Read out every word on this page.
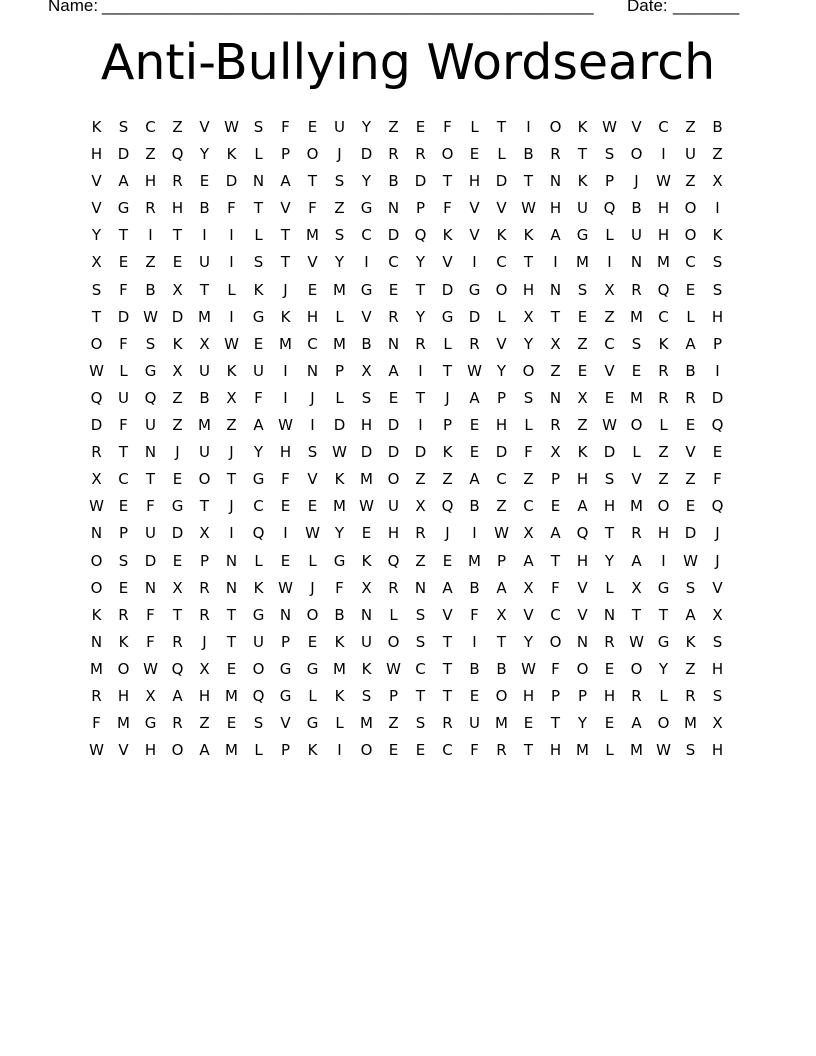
Name: ____________________________________________________ Date: _______
Anti-Bullying Wordsearch
K	S	C	Z	V W S	F	E	U	Y	Z	E	F	L	T	I	O	K W V	C	Z	B
H	D	Z	Q	Y	K	L	P	O	J	D	R	R	O	E	L	B	R	T	S	O	I	U	Z
V	A	H	R	E	D	N	A	T	S	Y	B	D	T	H	D	T	N	K	P	J	W Z	X
V	G	R	H	B	F	T	V	F	Z	G	N	P	F	V	V W H	U	Q	B	H	O	I
Y	T	I	T	I	I	L	T	M	S	C	D	Q	K	V	K	K	A	G	L	U	H	O	K
X	E	Z	E	U	I	S	T	V	Y	I	C	Y	V	I	C	T	I	M	I	N M	C	S
S	F	B	X	T	L	K	J	E	M G	E	T	D	G	O	H	N	S	X	R	Q	E	S
T	D W D M	I	G	K	H	L	V	R	Y	G	D	L	X	T	E	Z	M	C	L	H
O	F	S	K	X W E	M	C	M	B	N	R	L	R	V	Y	X	Z	C	S	K	A	P
W	L	G	X	U	K	U	I	N	P	X	A	I	T	W Y	O	Z	E	V	E	R	B	I
Q	U	Q	Z	B	X	F	I	J	L	S	E	T	J	A	P	S	N	X	E	M	R	R	D
D	F	U	Z	M	Z	A W	I	D	H	D	I	P	E	H	L	R	Z W O	L	E	Q
R	T	N	J	U	J	Y	H	S W D	D	D	K	E	D	F	X	K	D	L	Z	V	E
X	C	T	E	O	T	G	F	V	K	M O	Z	Z	A	C	Z	P	H	S	V	Z	Z	F
W E	F	G	T	J	C	E	E	M W U	X	Q	B	Z	C	E	A	H M O	E	Q
N	P	U	D	X	I	Q	I	W Y	E	H	R	J	I	W X	A	Q	T	R	H	D	J
O	S	D	E	P	N	L	E	L	G	K	Q	Z	E	M	P	A	T	H	Y	A	I	W	J
O	E	N	X	R	N	K W	J	F	X	R	N	A	B	A	X	F	V	L	X	G	S	V
K	R	F	T	R	T	G	N	O	B	N	L	S	V	F	X	V	C	V	N	T	T	A	X
N	K	F	R	J	T	U	P	E	K	U	O	S	T	I	T	Y	O	N	R W G	K	S
M O W Q	X	E	O	G	G M	K W C	T	B	B W	F	O	E	O	Y	Z	H
R	H	X	A	H M Q	G	L	K	S	P	T	T	E	O	H	P	P	H	R	L	R	S
F	M G	R	Z	E	S	V	G	L	M	Z	S	R	U	M	E	T	Y	E	A	O M	X
W V	H	O	A	M	L	P	K	I	O	E	E	C	F	R	T	H M	L	M W S	H
